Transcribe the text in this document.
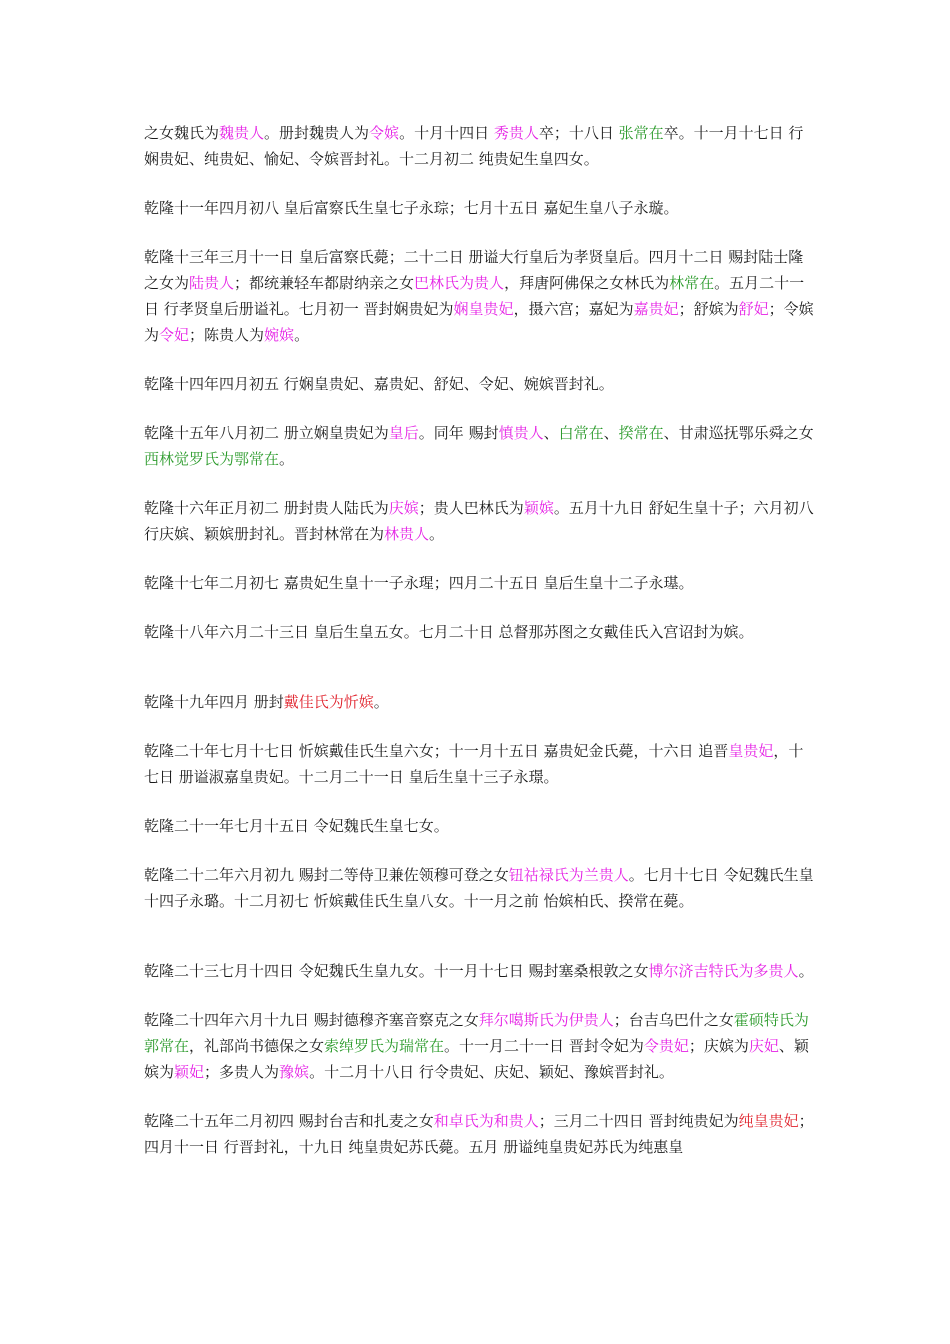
之女魏氏为魏贵人。册封魏贵人为令嫔。十月十四日 秀贵人卒；十八日 张常在卒。十一月十七日 行娴贵妃、纯贵妃、愉妃、令嫔晋封礼。十二月初二 纯贵妃生皇四女。

乾隆十一年四月初八 皇后富察氏生皇七子永琮；七月十五日 嘉妃生皇八子永璇。

乾隆十三年三月十一日 皇后富察氏薨；二十二日 册谥大行皇后为孝贤皇后。四月十二日 赐封陆士隆之女为陆贵人；都统兼轻车都尉纳亲之女巴林氏为贵人，拜唐阿佛保之女林氏为林常在。五月二十一日 行孝贤皇后册谥礼。七月初一 晋封娴贵妃为娴皇贵妃，摄六宫；嘉妃为嘉贵妃；舒嫔为舒妃；令嫔为令妃；陈贵人为婉嫔。

乾隆十四年四月初五 行娴皇贵妃、嘉贵妃、舒妃、令妃、婉嫔晋封礼。

乾隆十五年八月初二 册立娴皇贵妃为皇后。同年 赐封慎贵人、白常在、揆常在、甘肃巡抚鄂乐舜之女西林觉罗氏为鄂常在。

乾隆十六年正月初二 册封贵人陆氏为庆嫔；贵人巴林氏为颖嫔。五月十九日 舒妃生皇十子；六月初八 行庆嫔、颖嫔册封礼。晋封林常在为林贵人。

乾隆十七年二月初七 嘉贵妃生皇十一子永瑆；四月二十五日 皇后生皇十二子永璂。

乾隆十八年六月二十三日 皇后生皇五女。七月二十日 总督那苏图之女戴佳氏入宫诏封为嫔。

乾隆十九年四月 册封戴佳氏为忻嫔。

乾隆二十年七月十七日 忻嫔戴佳氏生皇六女；十一月十五日 嘉贵妃金氏薨，十六日 追晋皇贵妃，十七日 册谥淑嘉皇贵妃。十二月二十一日 皇后生皇十三子永璟。

乾隆二十一年七月十五日 令妃魏氏生皇七女。

乾隆二十二年六月初九 赐封二等侍卫兼佐领穆可登之女钮祜禄氏为兰贵人。七月十七日 令妃魏氏生皇十四子永璐。十二月初七 忻嫔戴佳氏生皇八女。十一月之前 怡嫔柏氏、揆常在薨。

乾隆二十三七月十四日 令妃魏氏生皇九女。十一月十七日 赐封塞桑根敦之女博尔济吉特氏为多贵人。

乾隆二十四年六月十九日 赐封德穆齐塞音察克之女拜尔噶斯氏为伊贵人；台吉乌巴什之女霍硕特氏为郭常在，礼部尚书德保之女索绰罗氏为瑞常在。十一月二十一日 晋封令妃为令贵妃；庆嫔为庆妃、颖嫔为颖妃；多贵人为豫嫔。十二月十八日 行令贵妃、庆妃、颖妃、豫嫔晋封礼。

乾隆二十五年二月初四 赐封台吉和扎麦之女和卓氏为和贵人；三月二十四日 晋封纯贵妃为纯皇贵妃；四月十一日 行晋封礼，十九日 纯皇贵妃苏氏薨。五月 册谥纯皇贵妃苏氏为纯惠皇
